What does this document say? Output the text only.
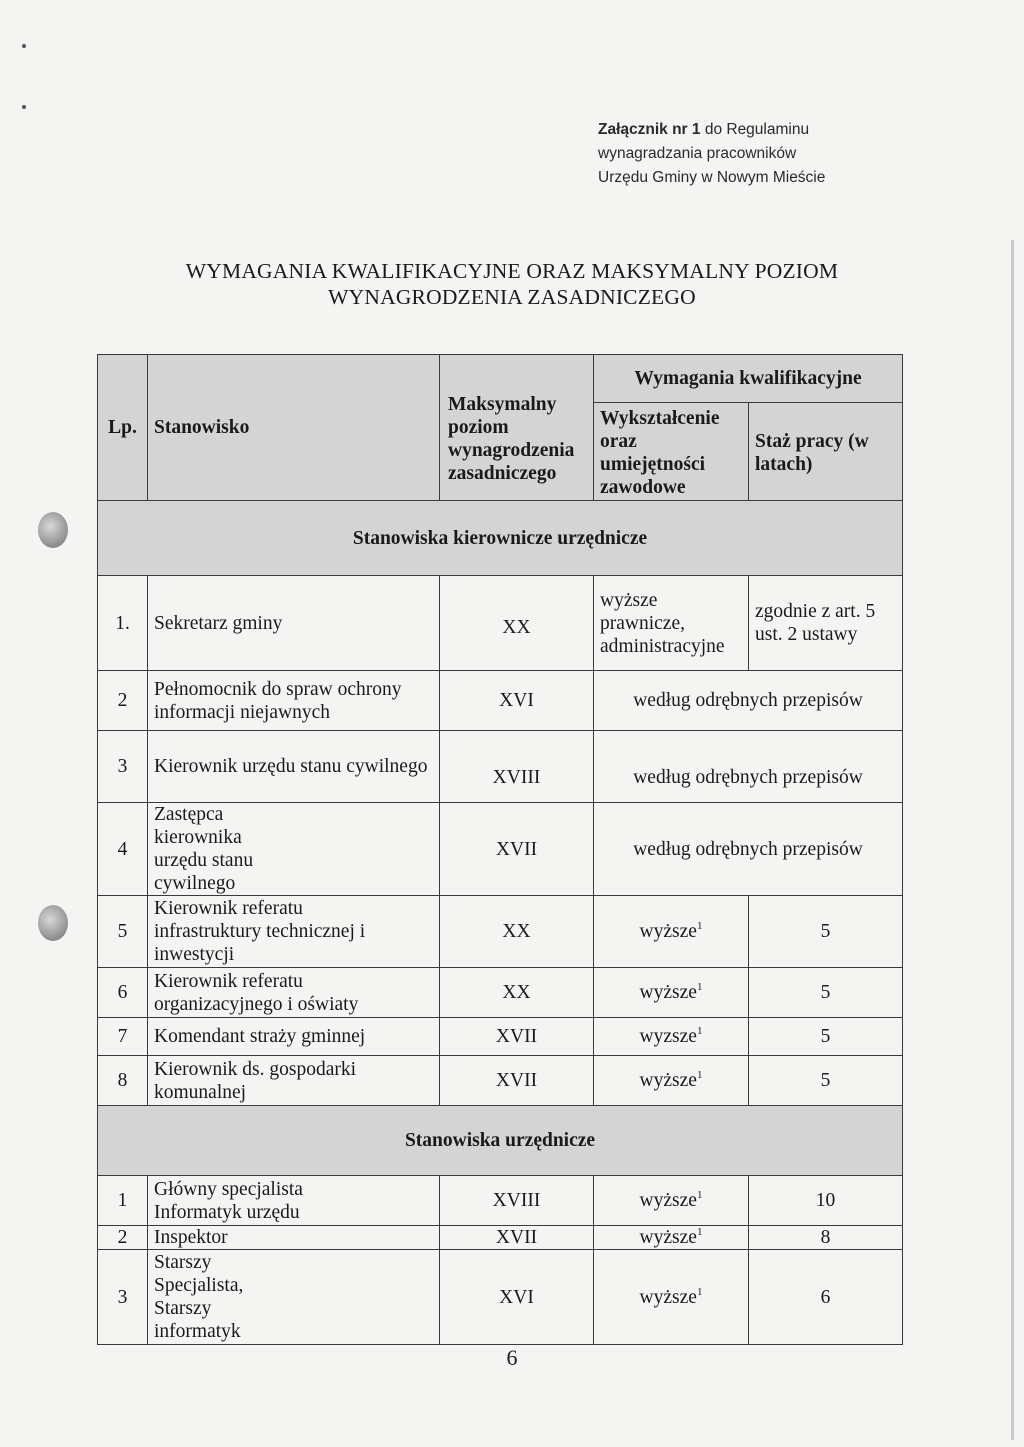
Załącznik nr 1 do Regulaminu
wynagradzania pracowników
Urzędu Gminy w Nowym Mieście
WYMAGANIA KWALIFIKACYJNE ORAZ MAKSYMALNY POZIOM
WYNAGRODZENIA ZASADNICZEGO
Lp.	Stanowisko	Maksymalny poziom wynagrodzenia zasadniczego	Wymagania kwalifikacyjne	
			Wykształcenie oraz umiejętności zawodowe	Staż pracy (w latach)
Stanowiska kierownicze urzędnicze				
1.	Sekretarz gminy	XX	wyższe prawnicze, administracyjne	zgodnie z art. 5 ust. 2 ustawy
2	Pełnomocnik do spraw ochrony informacji niejawnych	XVI	według odrębnych przepisów	
3	Kierownik urzędu stanu cywilnego	XVIII	według odrębnych przepisów	
4	Zastępca kierownika urzędu stanu cywilnego	XVII	według odrębnych przepisów	
5	Kierownik referatu infrastruktury technicznej i inwestycji	XX	wyższe$^1$	5
6	Kierownik referatu organizacyjnego i oświaty	XX	wyższe$^1$	5
7	Komendant straży gminnej	XVII	wyzsze$^1$	5
8	Kierownik ds. gospodarki komunalnej	XVII	wyższe$^1$	5
Stanowiska urzędnicze				
1	Główny specjalista Informatyk urzędu	XVIII	wyższe$^1$	10
2	Inspektor	XVII	wyższe$^1$	8
3	Starszy Specjalista, Starszy informatyk	XVI	wyższe$^1$	6
6
